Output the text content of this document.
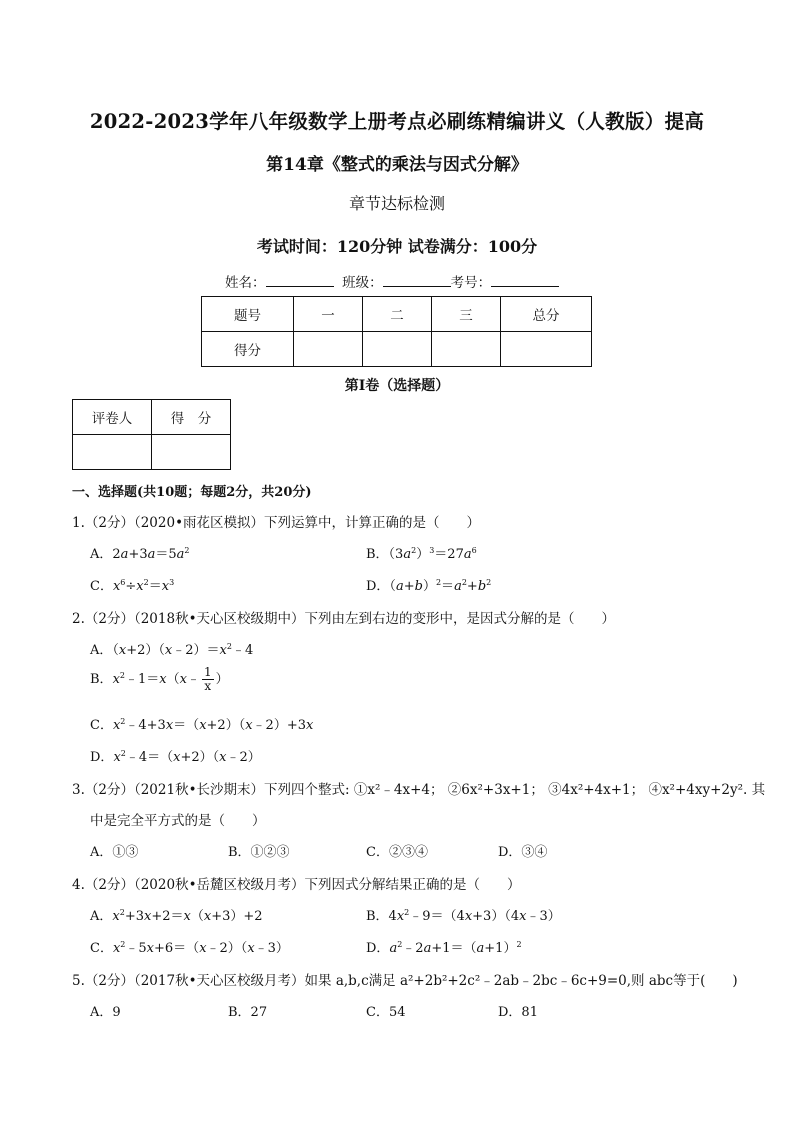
2022-2023学年八年级数学上册考点必刷练精编讲义（人教版）提高
第14章《整式的乘法与因式分解》
章节达标检测
考试时间：120分钟 试卷满分：100分
姓名：	班级：	考号：
题号	一	二	三	总分
得分				
第Ⅰ卷（选择题）
评卷人	得　分

一、选择题(共10题；每题2分，共20分)
1.（2分）（2020•雨花区模拟）下列运算中，计算正确的是（　　）
A．$2a+3a=5a^2$	B．$(3a^2)^3=27a^6$
C．$x^6\div x^2=x^3$	D．$(a+b)^2=a^2+b^2$
2.（2分）（2018秋•天心区校级期中）下列由左到右边的变形中，是因式分解的是（　　）
A．$(x+2)(x﹣2)=x^2﹣4$
B．$x^2﹣1=x(x﹣ \frac{1}{x}$ ）
C．$x^2﹣4+3x=(x+2)(x﹣2)+3x$
D．$x^2﹣4=(x+2)(x﹣2)$
3.（2分）（2021秋•长沙期末）下列四个整式: ①x²﹣4x+4； ②6x²+3x+1； ③4x²+4x+1； ④x²+4xy+2y². 其
中是完全平方式的是（　　）
A．①③	B．①②③	C．②③④	D．③④
4.（2分）（2020秋•岳麓区校级月考）下列因式分解结果正确的是（　　）
A．$x^2+3x+2=x(x+3)+2$	B．$4x^2﹣9=(4x+3)(4x﹣3)$
C．$x^2﹣5x+6=(x﹣2)(x﹣3)$	D．$a^2﹣2a+1=(a+1)^2$
5.（2分）（2017秋•天心区校级月考）如果 a,b,c满足 a²+2b²+2c²﹣2ab﹣2bc﹣6c+9=0,则 abc等于(　　)
A．9	B．27	C．54	D．81
